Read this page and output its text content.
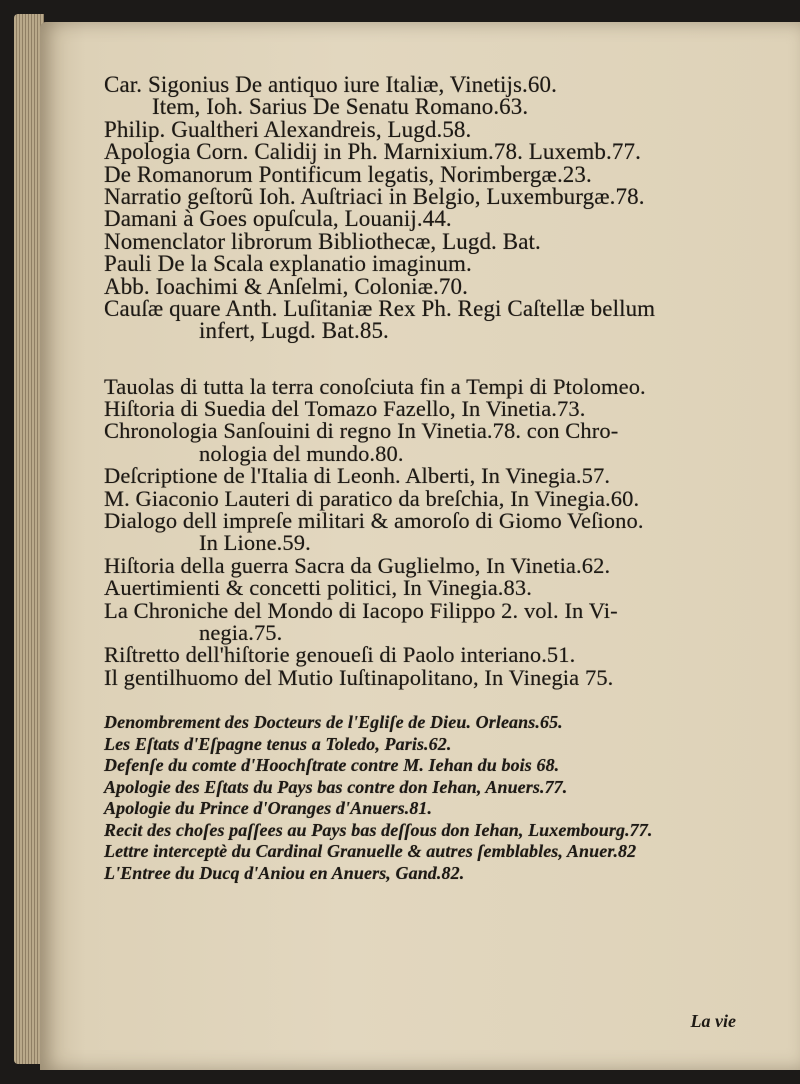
Car. Sigonius De antiquo iure Italiæ, Vinetijs.60.
Item, Ioh. Sarius De Senatu Romano.63.
Philip. Gualtheri Alexandreis, Lugd.58.
Apologia Corn. Calidij in Ph. Marnixium.78. Luxemb.77.
De Romanorum Pontificum legatis, Norimbergæ.23.
Narratio geſtorũ Ioh. Auſtriaci in Belgio, Luxemburgæ.78.
Damani à Goes opuſcula, Louanij.44.
Nomenclator librorum Bibliothecæ, Lugd. Bat.
Pauli De la Scala explanatio imaginum.
Abb. Ioachimi & Anſelmi, Coloniæ.70.
Cauſæ quare Anth. Luſitaniæ Rex Ph. Regi Caſtellæ bellum
infert, Lugd. Bat.85.
Tauolas di tutta la terra conoſciuta fin a Tempi di Ptolomeo.
Hiſtoria di Suedia del Tomazo Fazello, In Vinetia.73.
Chronologia Sanſouini di regno In Vinetia.78. con Chro-
nologia del mundo.80.
Deſcriptione de l'Italia di Leonh. Alberti, In Vinegia.57.
M. Giaconio Lauteri di paratico da breſchia, In Vinegia.60.
Dialogo dell impreſe militari & amoroſo di Giomo Veſiono.
In Lione.59.
Hiſtoria della guerra Sacra da Guglielmo, In Vinetia.62.
Auertimienti & concetti politici, In Vinegia.83.
La Chroniche del Mondo di Iacopo Filippo 2. vol. In Vi-
negia.75.
Riſtretto dell'hiſtorie genoueſi di Paolo interiano.51.
Il gentilhuomo del Mutio Iuſtinapolitano, In Vinegia 75.
Denombrement des Docteurs de l'Egliſe de Dieu. Orleans.65.
Les Eſtats d'Eſpagne tenus a Toledo, Paris.62.
Defenſe du comte d'Hoochſtrate contre M. Iehan du bois 68.
Apologie des Eſtats du Pays bas contre don Iehan, Anuers.77.
Apologie du Prince d'Oranges d'Anuers.81.
Recit des choſes paſſees au Pays bas deſſous don Iehan, Luxembourg.77.
Lettre interceptè du Cardinal Granuelle & autres ſemblables, Anuer.82
L'Entree du Ducq d'Aniou en Anuers, Gand.82.
La vie
